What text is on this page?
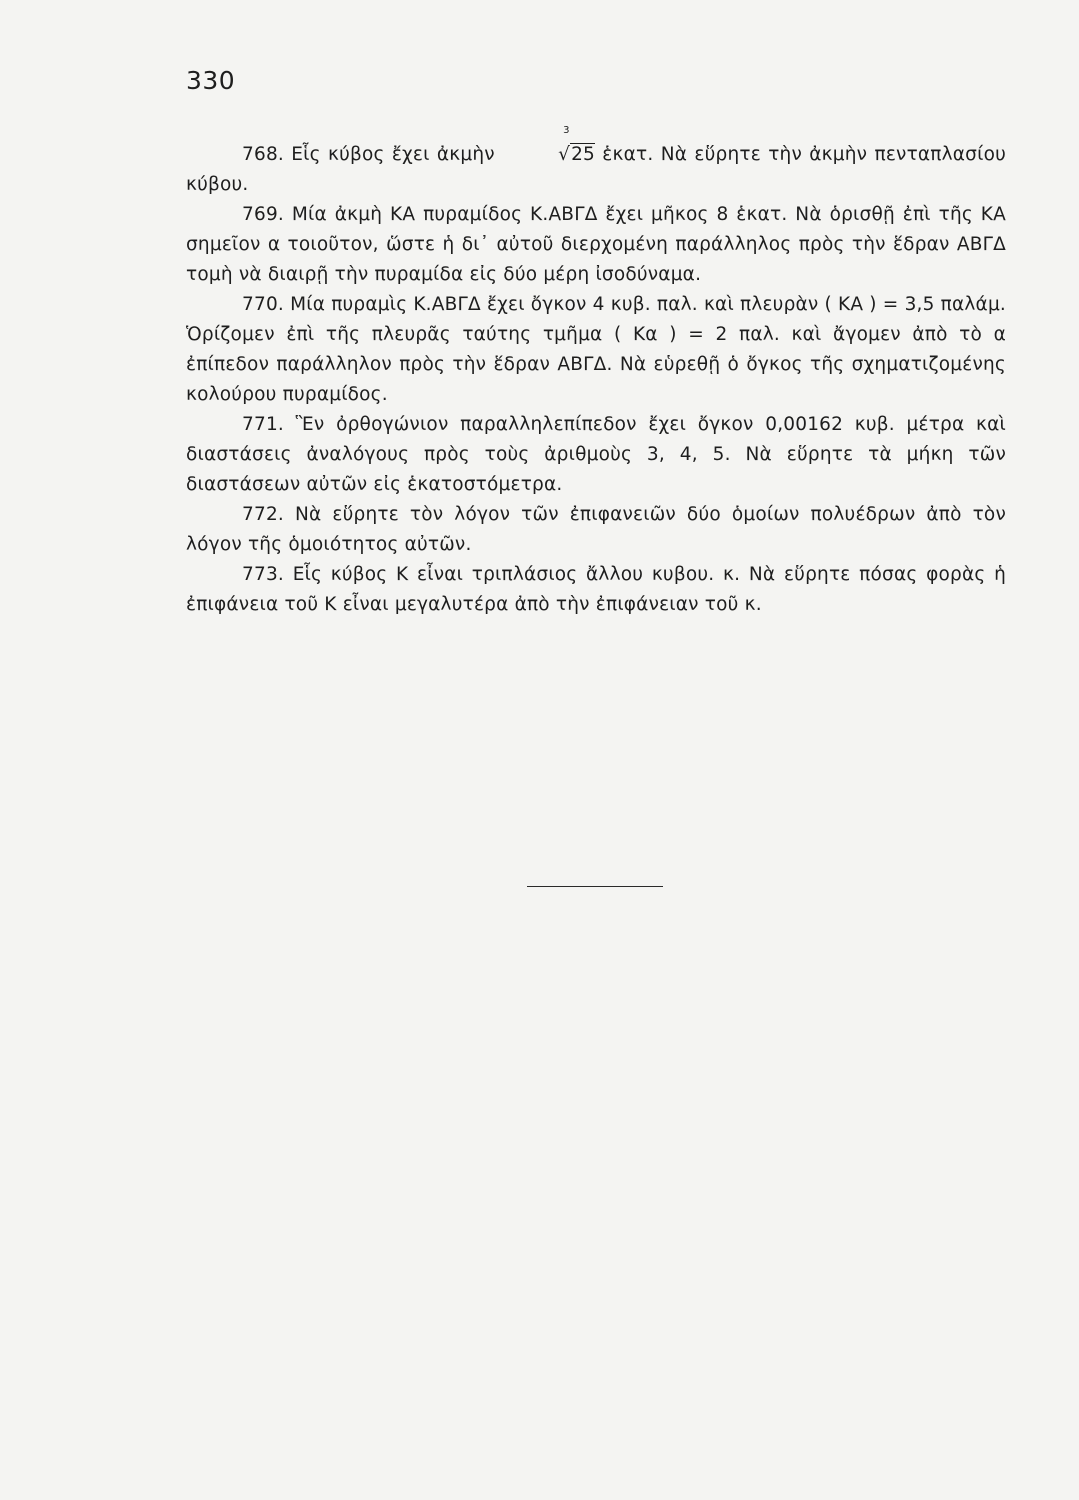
330

768. Εἷς κύβος ἔχει ἀκμὴν
3
√25 ἑκατ. Νὰ εὕρητε τὴν ἀκμὴν πενταπλασίου κύβου.

769. Μία ἀκμὴ ΚΑ πυραμίδος Κ.ΑΒΓΔ ἔχει μῆκος 8 ἑκατ. Νὰ ὁρισθῇ ἐπὶ τῆς ΚΑ σημεῖον α τοιοῦτον, ὥστε ἡ δι᾿ αὐτοῦ διερχομένη παράλληλος πρὸς τὴν ἕδραν ΑΒΓΔ τομὴ νὰ διαιρῇ τὴν πυραμίδα εἰς δύο μέρη ἰσοδύναμα.

770. Μία πυραμὶς Κ.ΑΒΓΔ ἔχει ὄγκον 4 κυβ. παλ. καὶ πλευρὰν ( ΚΑ ) = 3,5 παλάμ. Ὁρίζομεν ἐπὶ τῆς πλευρᾶς ταύτης τμῆμα ( Κα ) = 2 παλ. καὶ ἄγομεν ἀπὸ τὸ α ἐπίπεδον παράλληλον πρὸς τὴν ἕδραν ΑΒΓΔ. Νὰ εὑρεθῇ ὁ ὄγκος τῆς σχηματιζομένης κολούρου πυραμίδος.

771. Ἓν ὀρθογώνιον παραλληλεπίπεδον ἔχει ὄγκον 0,00162 κυβ. μέτρα καὶ διαστάσεις ἀναλόγους πρὸς τοὺς ἀριθμοὺς 3, 4, 5. Νὰ εὕρητε τὰ μήκη τῶν διαστάσεων αὐτῶν εἰς ἑκατοστόμετρα.

772. Νὰ εὕρητε τὸν λόγον τῶν ἐπιφανειῶν δύο ὁμοίων πολυέδρων ἀπὸ τὸν λόγον τῆς ὁμοιότητος αὐτῶν.

773. Εἷς κύβος Κ εἶναι τριπλάσιος ἄλλου κυβου. κ. Νὰ εὕρητε πόσας φορὰς ἡ ἐπιφάνεια τοῦ Κ εἶναι μεγαλυτέρα ἀπὸ τὴν ἐπιφάνειαν τοῦ κ.
